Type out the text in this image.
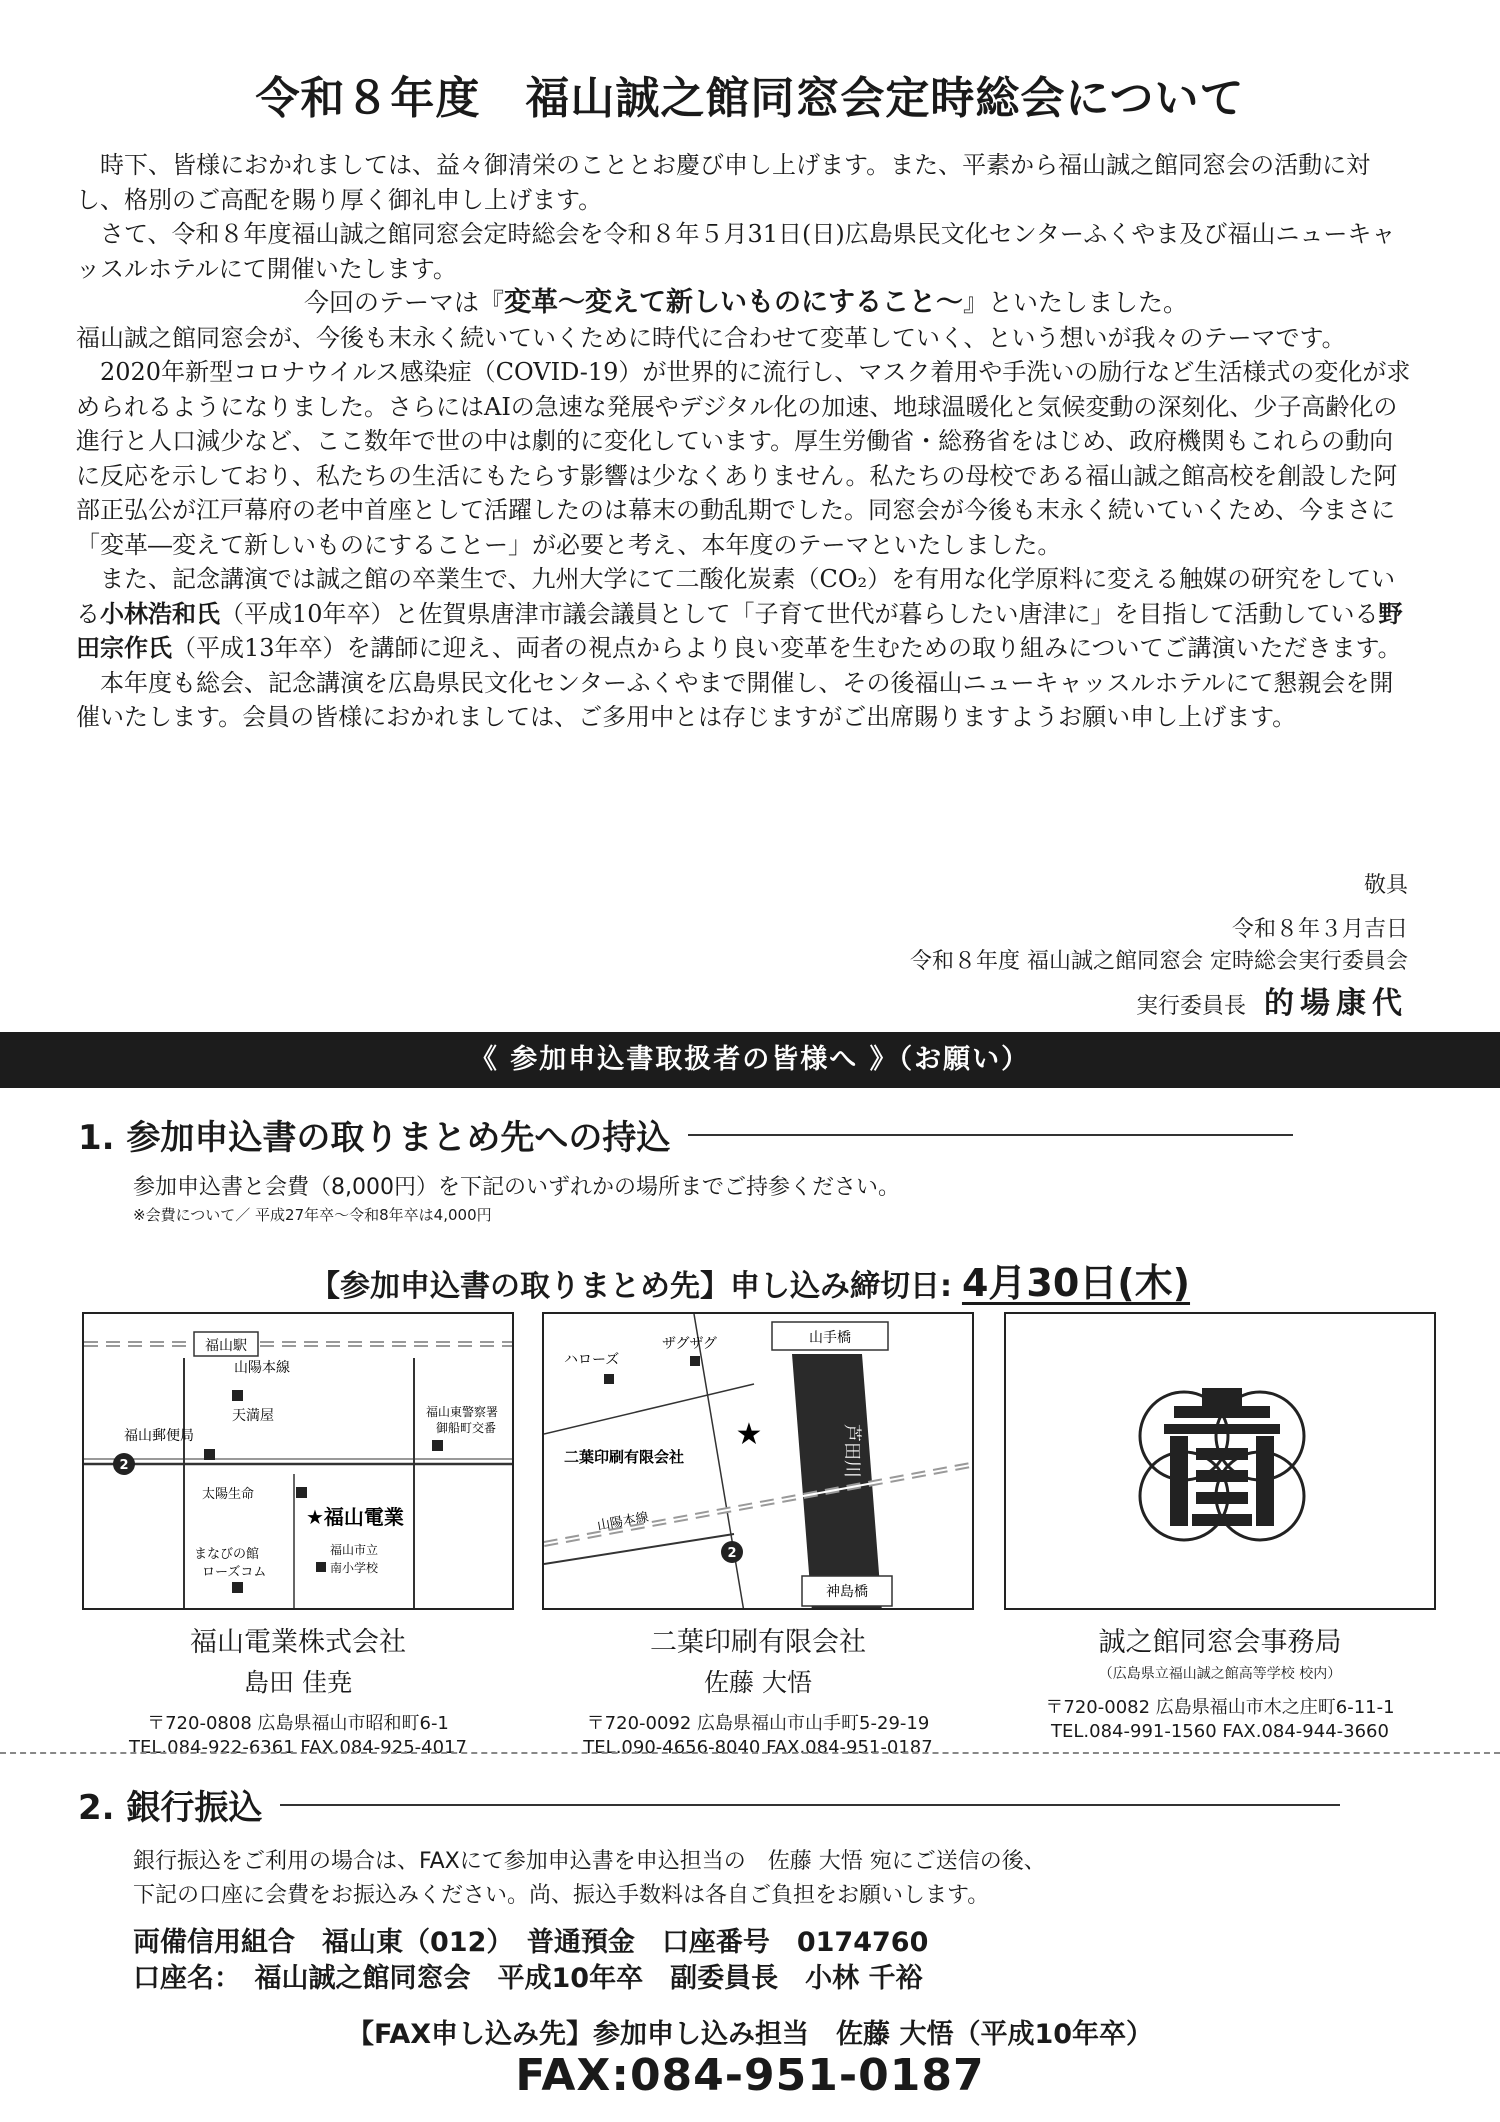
令和８年度　福山誠之館同窓会定時総会について

時下、皆様におかれましては、益々御清栄のこととお慶び申し上げます。また、平素から福山誠之館同窓会の活動に対し、格別のご高配を賜り厚く御礼申し上げます。

さて、令和８年度福山誠之館同窓会定時総会を令和８年５月31日(日)広島県民文化センターふくやま及び福山ニューキャッスルホテルにて開催いたします。

今回のテーマは『変革～変えて新しいものにすること～』といたしました。

福山誠之館同窓会が、今後も末永く続いていくために時代に合わせて変革していく、という想いが我々のテーマです。

2020年新型コロナウイルス感染症（COVID-19）が世界的に流行し、マスク着用や手洗いの励行など生活様式の変化が求められるようになりました。さらにはAIの急速な発展やデジタル化の加速、地球温暖化と気候変動の深刻化、少子高齢化の進行と人口減少など、ここ数年で世の中は劇的に変化しています。厚生労働省・総務省をはじめ、政府機関もこれらの動向に反応を示しており、私たちの生活にもたらす影響は少なくありません。私たちの母校である福山誠之館高校を創設した阿部正弘公が江戸幕府の老中首座として活躍したのは幕末の動乱期でした。同窓会が今後も末永く続いていくため、今まさに「変革―変えて新しいものにすることー」が必要と考え、本年度のテーマといたしました。

また、記念講演では誠之館の卒業生で、九州大学にて二酸化炭素（CO₂）を有用な化学原料に変える触媒の研究をしている小林浩和氏（平成10年卒）と佐賀県唐津市議会議員として「子育て世代が暮らしたい唐津に」を目指して活動している野田宗作氏（平成13年卒）を講師に迎え、両者の視点からより良い変革を生むための取り組みについてご講演いただきます。

本年度も総会、記念講演を広島県民文化センターふくやまで開催し、その後福山ニューキャッスルホテルにて懇親会を開催いたします。会員の皆様におかれましては、ご多用中とは存じますがご出席賜りますようお願い申し上げます。

敬具
令和８年３月吉日
令和８年度 福山誠之館同窓会 定時総会実行委員会
実行委員長 的場康代
《 参加申込書取扱者の皆様へ 》（お願い）
1. 参加申込書の取りまとめ先への持込
参加申込書と会費（8,000円）を下記のいずれかの場所までご持参ください。
※会費について／ 平成27年卒～令和8年卒は4,000円
【参加申込書の取りまとめ先】申し込み締切日: 4月30日(木)
福山駅
山陽本線
天満屋
福山郵便局
福山東警察署
御船町交番
太陽生命
★福山電業
まなびの館
ローズコム
福山市立
南小学校
2
山手橋
神島橋
芦田川
ハローズ
ザグザグ
★
二葉印刷有限会社
山陽本線
2
福山電業株式会社
島田 佳尭
〒720-0808 広島県福山市昭和町6-1
TEL.084-922-6361 FAX.084-925-4017
二葉印刷有限会社
佐藤 大悟
〒720-0092 広島県福山市山手町5-29-19
TEL.090-4656-8040 FAX.084-951-0187
誠之館同窓会事務局
（広島県立福山誠之館高等学校 校内）
〒720-0082 広島県福山市木之庄町6-11-1
TEL.084-991-1560 FAX.084-944-3660
2. 銀行振込
銀行振込をご利用の場合は、FAXにて参加申込書を申込担当の　佐藤 大悟 宛にご送信の後、
下記の口座に会費をお振込みください。尚、振込手数料は各自ご負担をお願いします。
両備信用組合　福山東（012）　普通預金　口座番号　0174760
口座名：　福山誠之館同窓会　平成10年卒　副委員長　小林 千裕
【FAX申し込み先】参加申し込み担当　佐藤 大悟（平成10年卒）
FAX:084-951-0187
